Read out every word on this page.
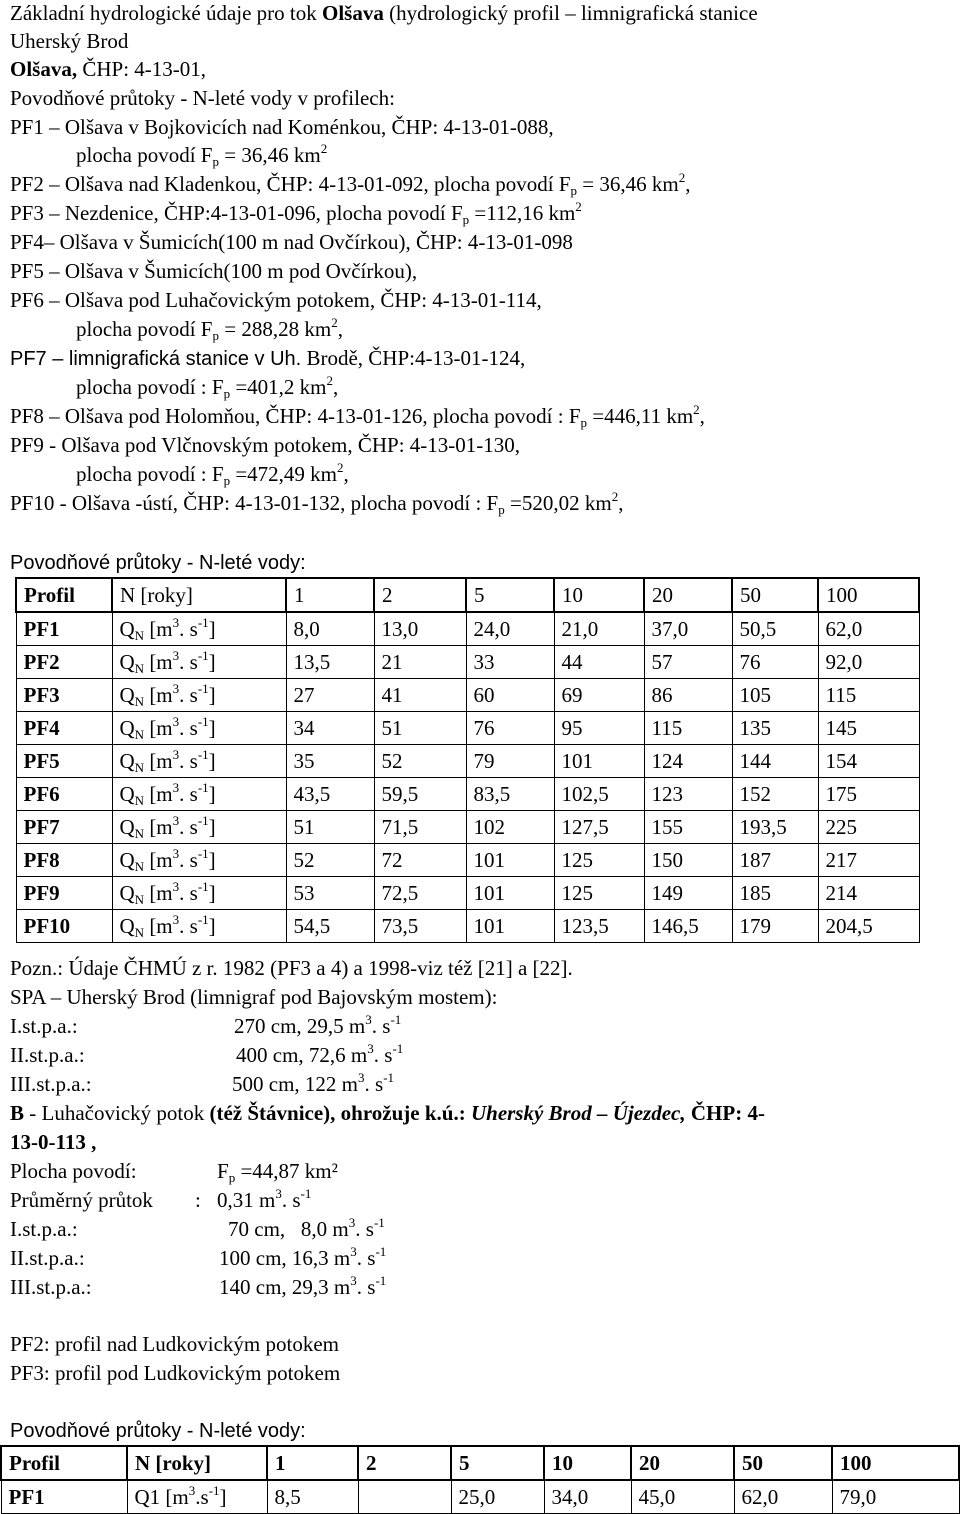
Základní hydrologické údaje pro tok Olšava (hydrologický profil – limnigrafická stanice
Uherský Brod
Olšava, ČHP: 4-13-01,
Povodňové průtoky - N-leté vody v profilech:
PF1 – Olšava v Bojkovicích nad Koménkou, ČHP: 4-13-01-088,
plocha povodí $F_p = 36,46$ $km^2$
PF2 – Olšava nad Kladenkou, ČHP: 4-13-01-092, plocha povodí $F_p = 36,46$ $km^2$,
PF3 – Nezdenice, ČHP:4-13-01-096, plocha povodí $F_p =112,16$ $km^2$
PF4– Olšava v Šumicích(100 m nad Ovčírkou), ČHP: 4-13-01-098
PF5 – Olšava v Šumicích(100 m pod Ovčírkou),
PF6 – Olšava pod Luhačovickým potokem, ČHP: 4-13-01-114,
plocha povodí $F_p = 288,28$ $km^2$,
PF7 – limnigrafická stanice v Uh. Brodě, ČHP:4-13-01-124,
plocha povodí : $F_p =401,2$ $km^2$,
PF8 – Olšava pod Holomňou, ČHP: 4-13-01-126, plocha povodí : $F_p =446,11$ $km^2$,
PF9 - Olšava pod Vlčnovským potokem, ČHP: 4-13-01-130,
plocha povodí : $F_p =472,49$ $km^2$,
PF10 - Olšava -ústí, ČHP: 4-13-01-132, plocha povodí : $F_p =520,02$ $km^2$,
Povodňové průtoky - N-leté vody:
Profil	N [roky]	1	2	5	10	20	50	100
PF1	$Q_N$ [$m^3$. $s^{-1}$]	8,0	13,0	24,0	21,0	37,0	50,5	62,0
PF2	$Q_N$ [$m^3$. $s^{-1}$]	13,5	21	33	44	57	76	92,0
PF3	$Q_N$ [$m^3$. $s^{-1}$]	27	41	60	69	86	105	115
PF4	$Q_N$ [$m^3$. $s^{-1}$]	34	51	76	95	115	135	145
PF5	$Q_N$ [$m^3$. $s^{-1}$]	35	52	79	101	124	144	154
PF6	$Q_N$ [$m^3$. $s^{-1}$]	43,5	59,5	83,5	102,5	123	152	175
PF7	$Q_N$ [$m^3$. $s^{-1}$]	51	71,5	102	127,5	155	193,5	225
PF8	$Q_N$ [$m^3$. $s^{-1}$]	52	72	101	125	150	187	217
PF9	$Q_N$ [$m^3$. $s^{-1}$]	53	72,5	101	125	149	185	214
PF10	$Q_N$ [$m^3$. $s^{-1}$]	54,5	73,5	101	123,5	146,5	179	204,5
Pozn.: Údaje ČHMÚ z r. 1982 (PF3 a 4) a 1998-viz též [21] a [22].
SPA – Uherský Brod (limnigraf pod Bajovským mostem):
I.st.p.a.:	270 cm, 29,5 $m^3$. $s^{-1}$
II.st.p.a.:	400 cm, 72,6 $m^3$. $s^{-1}$
III.st.p.a.:	500 cm, 122 $m^3$. $s^{-1}$
B - Luhačovický potok (též Štávnice), ohrožuje k.ú.: Uherský Brod – Újezdec, ČHP: 4-
13-0-113 ,
Plocha povodí:	$F_p =44,87$ km²
Průměrný průtok : 0,31 $m^3$. $s^{-1}$
I.st.p.a.:	70 cm,   8,0 $m^3$. $s^{-1}$
II.st.p.a.:	100 cm, 16,3 $m^3$. $s^{-1}$
III.st.p.a.:	140 cm, 29,3 $m^3$. $s^{-1}$
PF2: profil nad Ludkovickým potokem
PF3: profil pod Ludkovickým potokem
Povodňové průtoky - N-leté vody:
Profil	N [roky]	1	2	5	10	20	50	100
PF1	Q1 $[m^3.s^{-1}]$	8,5		25,0	34,0	45,0	62,0	79,0
